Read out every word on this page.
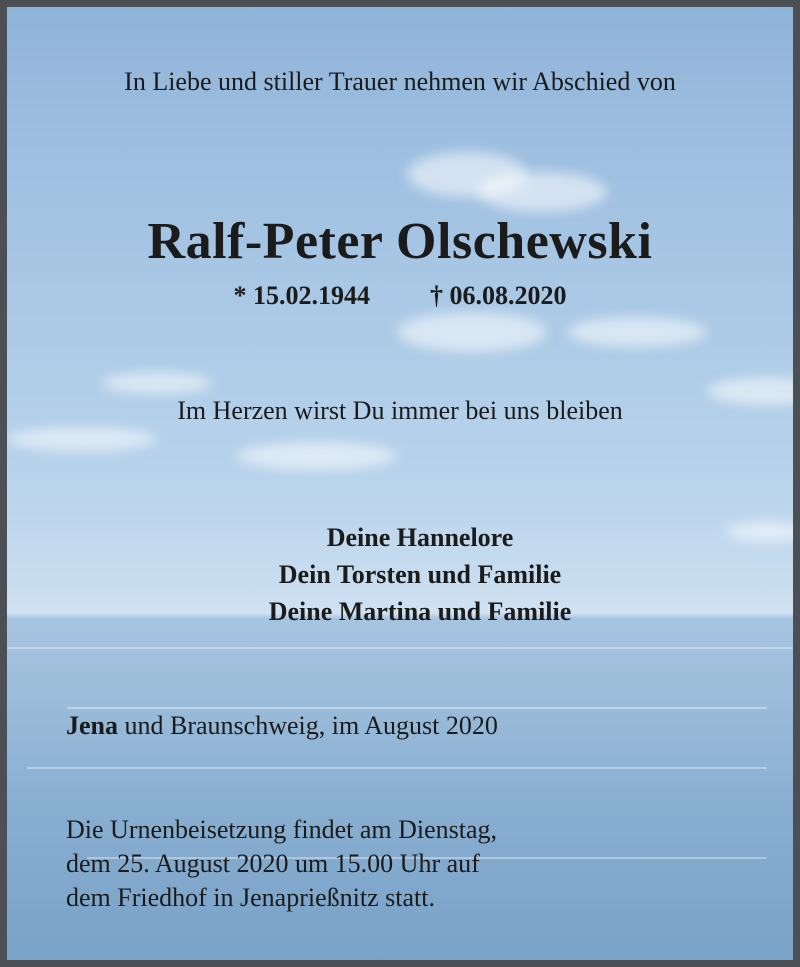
In Liebe und stiller Trauer nehmen wir Abschied von
Ralf-Peter Olschewski
* 15.02.1944 † 06.08.2020
Im Herzen wirst Du immer bei uns bleiben
Deine Hannelore
Dein Torsten und Familie
Deine Martina und Familie
Jena und Braunschweig, im August 2020
Die Urnenbeisetzung findet am Dienstag,
dem 25. August 2020 um 15.00 Uhr auf
dem Friedhof in Jenaprießnitz statt.
